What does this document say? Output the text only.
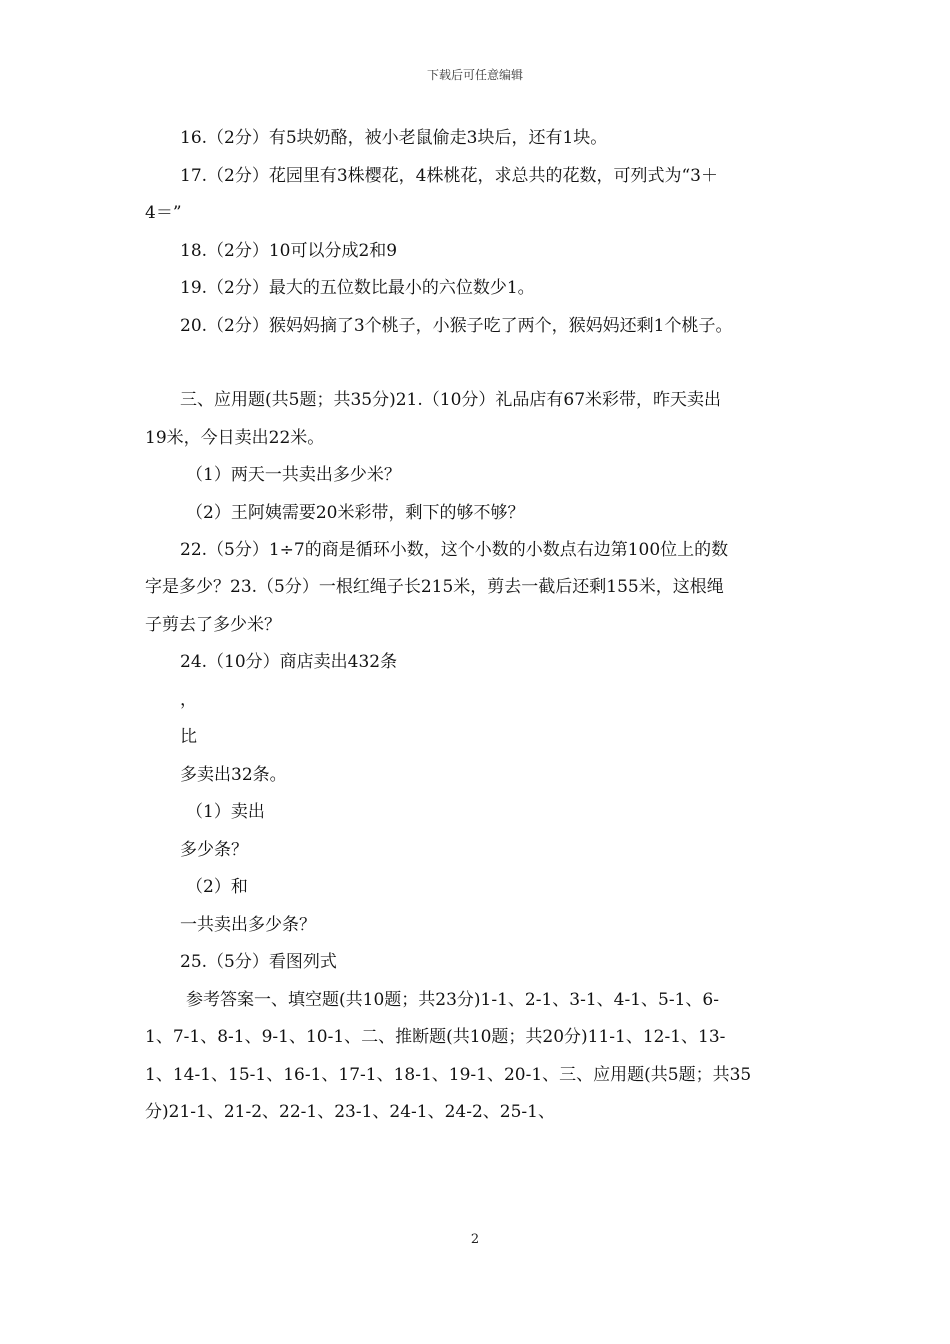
下载后可任意编辑
16.（2分）有5块奶酪，被小老鼠偷走3块后，还有1块。
17.（2分）花园里有3株樱花，4株桃花，求总共的花数，可列式为“3＋
4＝”
18.（2分）10可以分成2和9
19.（2分）最大的五位数比最小的六位数少1。
20.（2分）猴妈妈摘了3个桃子，小猴子吃了两个，猴妈妈还剩1个桃子。
三、应用题(共5题；共35分)21.（10分）礼品店有67米彩带，昨天卖出
19米，今日卖出22米。
（1）两天一共卖出多少米？
（2）王阿姨需要20米彩带，剩下的够不够？
22.（5分）1÷7的商是循环小数，这个小数的小数点右边第100位上的数
字是多少？23.（5分）一根红绳子长215米，剪去一截后还剩155米，这根绳
子剪去了多少米？
24.（10分）商店卖出432条
，
比
多卖出32条。
（1）卖出
多少条？
（2）和
一共卖出多少条？
25.（5分）看图列式
参考答案一、填空题(共10题；共23分)1-1、2-1、3-1、4-1、5-1、6-
1、7-1、8-1、9-1、10-1、二、推断题(共10题；共20分)11-1、12-1、13-
1、14-1、15-1、16-1、17-1、18-1、19-1、20-1、三、应用题(共5题；共35
分)21-1、21-2、22-1、23-1、24-1、24-2、25-1、
2
